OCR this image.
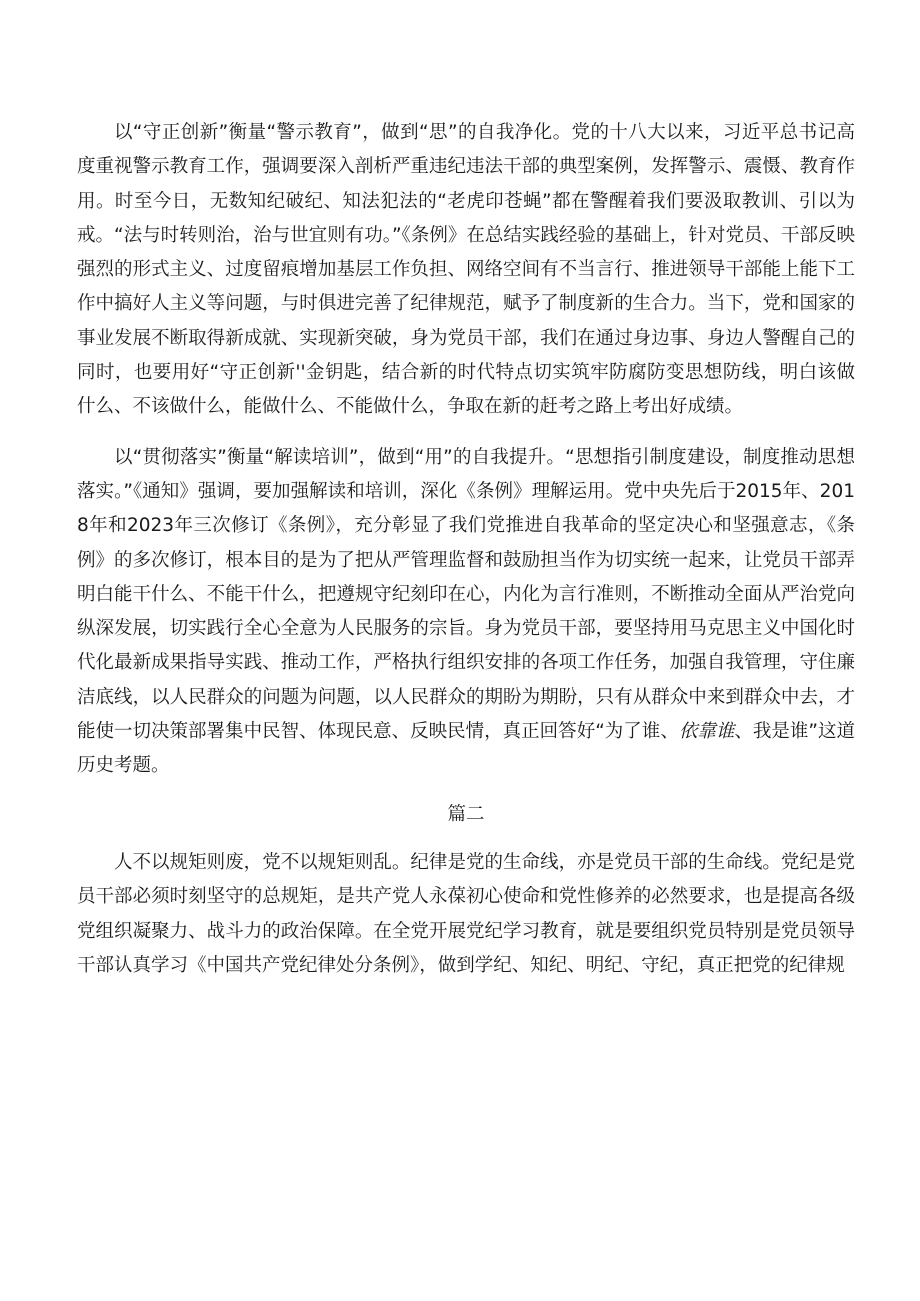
以“守正创新”衡量“警示教育”，做到“思”的自我净化。党的十八大以来，习近平总书记高度重视警示教育工作，强调要深入剖析严重违纪违法干部的典型案例，发挥警示、震慑、教育作用。时至今日，无数知纪破纪、知法犯法的“老虎印苍蝇”都在警醒着我们要汲取教训、引以为戒。“法与时转则治，治与世宜则有功。”《条例》在总结实践经验的基础上，针对党员、干部反映强烈的形式主义、过度留痕增加基层工作负担、网络空间有不当言行、推进领导干部能上能下工作中搞好人主义等问题，与时俱进完善了纪律规范，赋予了制度新的生合力。当下，党和国家的事业发展不断取得新成就、实现新突破，身为党员干部，我们在通过身边事、身边人警醒自己的同时，也要用好“守正创新''金钥匙，结合新的时代特点切实筑牢防腐防变思想防线，明白该做什么、不该做什么，能做什么、不能做什么，争取在新的赶考之路上考出好成绩。

以“贯彻落实”衡量“解读培训”，做到“用”的自我提升。“思想指引制度建设，制度推动思想落实。”《通知》强调，要加强解读和培训，深化《条例》理解运用。党中央先后于2015年、2018年和2023年三次修订《条例》，充分彰显了我们党推进自我革命的坚定决心和坚强意志，《条例》的多次修订，根本目的是为了把从严管理监督和鼓励担当作为切实统一起来，让党员干部弄明白能干什么、不能干什么，把遵规守纪刻印在心，内化为言行准则，不断推动全面从严治党向纵深发展，切实践行全心全意为人民服务的宗旨。身为党员干部，要坚持用马克思主义中国化时代化最新成果指导实践、推动工作，严格执行组织安排的各项工作任务，加强自我管理，守住廉洁底线，以人民群众的问题为问题，以人民群众的期盼为期盼，只有从群众中来到群众中去，才能使一切决策部署集中民智、体现民意、反映民情，真正回答好“为了谁、依靠谁、我是谁”这道历史考题。

篇二

人不以规矩则废，党不以规矩则乱。纪律是党的生命线，亦是党员干部的生命线。党纪是党员干部必须时刻坚守的总规矩，是共产党人永葆初心使命和党性修养的必然要求，也是提高各级党组织凝聚力、战斗力的政治保障。在全党开展党纪学习教育，就是要组织党员特别是党员领导干部认真学习《中国共产党纪律处分条例》，做到学纪、知纪、明纪、守纪，真正把党的纪律规
